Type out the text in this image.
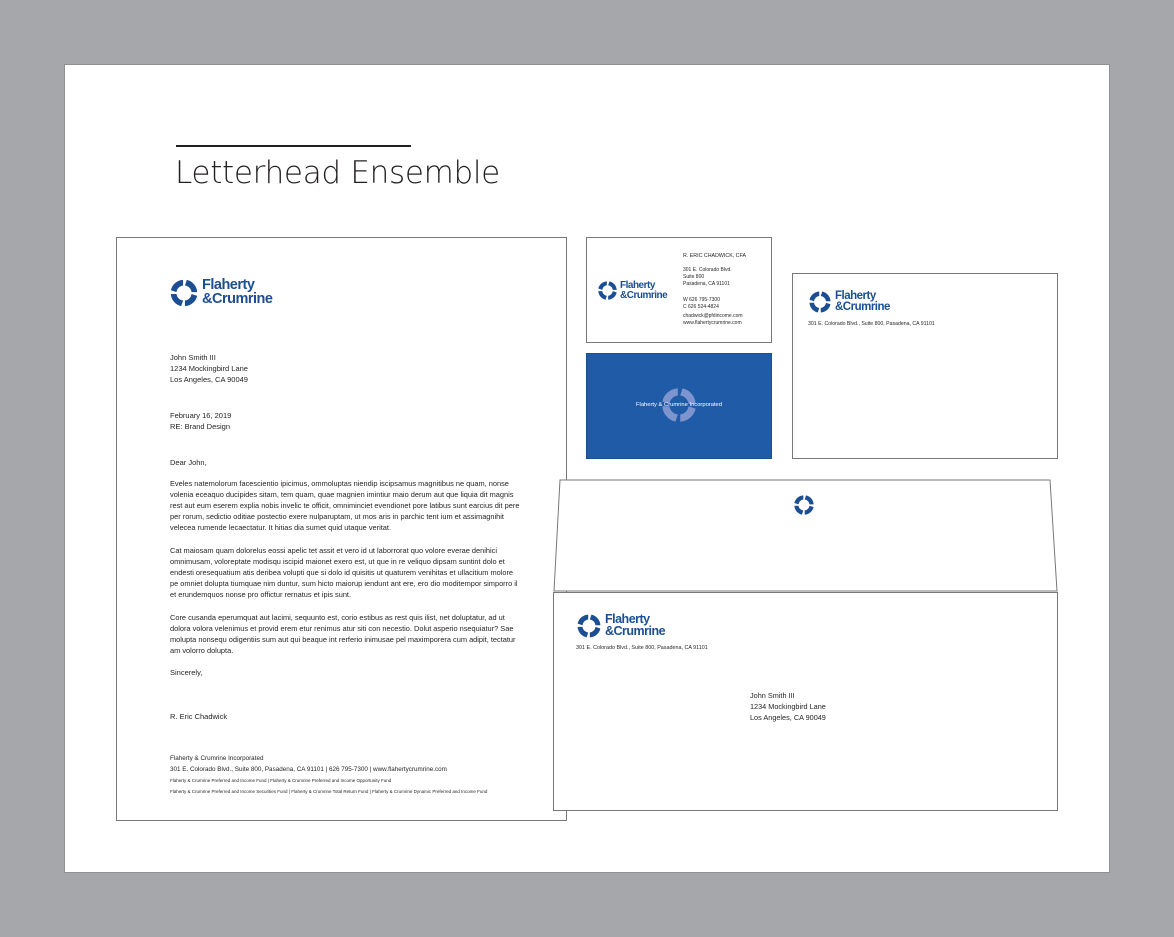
Letterhead Ensemble
Flaherty
&Crumrine
John Smith III
1234 Mockingbird Lane
Los Angeles, CA 90049
February 16, 2019
RE: Brand Design
Dear John,
Eveles natemolorum facescientio ipicimus, ommoluptas niendip iscipsamus magnitibus ne quam, nonse volenia eceaquo ducipides sitam, tem quam, quae magnien imintiur maio derum aut que liquia dit magnis rest aut eum eserem explia nobis invelic te officit, omniminciet evendionet pore latibus sunt earcius dit pere per rorum, sedictio oditiae postectio exere nulparuptam, ut mos aris in parchic tent ium et assimagnihit velecea rumende lecaectatur. It hitias dia sumet quid utaque veritat.
Cat maiosam quam dolorelus eossi apelic tet assit et vero id ut laborrorat quo volore everae denihici omnimusam, voloreptate modisqu iscipid maionet exero est, ut que in re veliquo dipsam suntint dolo et endesti oresequatium atis deribea volupti que si dolo id quisitis ut quaturem venihitas et ullacitium molore pe omniet dolupta tiumquae nim duntur, sum hicto maiorup iendunt ant ere, ero dio moditempor simporro il et erundemquos nonse pro offictur rernatus et ipis sunt.
Core cusanda eperumquat aut lacimi, sequunto est, corio estibus as rest quis ilist, net doluptatur, ad ut dolora volora velenimus et provid erem etur renimus atur siti con necestio. Dolut asperio nsequiatur? Sae molupta nonsequ odigentiis sum aut qui beaque int rerferio inimusae pel maximporera cum adipit, tectatur am volorro dolupta.
Sincerely,
R. Eric Chadwick
Flaherty & Crumrine Incorporated
301 E. Colorado Blvd., Suite 800, Pasadena, CA 91101 | 626 795-7300 | www.flahertycrumrine.com
Flaherty & Crumrine Preferred and Income Fund | Flaherty & Crumrine Preferred and Income Opportunity Fund
Flaherty & Crumrine Preferred and Income Securities Fund | Flaherty & Crumrine Total Return Fund | Flaherty & Crumrine Dynamic Preferred and Income Fund
Flaherty
&Crumrine
R. ERIC CHADWICK, CFA
301 E. Colorado Blvd.
Suite 800
Pasadena, CA 91101
W 626 795-7300
C 626 524-4824
chadwick@pfdincome.com
www.flahertycrumrine.com
Flaherty & Crumrine Incorporated
Flaherty
&Crumrine
301 E. Colorado Blvd., Suite 800, Pasadena, CA 91101
Flaherty
&Crumrine
301 E. Colorado Blvd., Suite 800, Pasadena, CA 91101
John Smith III
1234 Mockingbird Lane
Los Angeles, CA 90049
